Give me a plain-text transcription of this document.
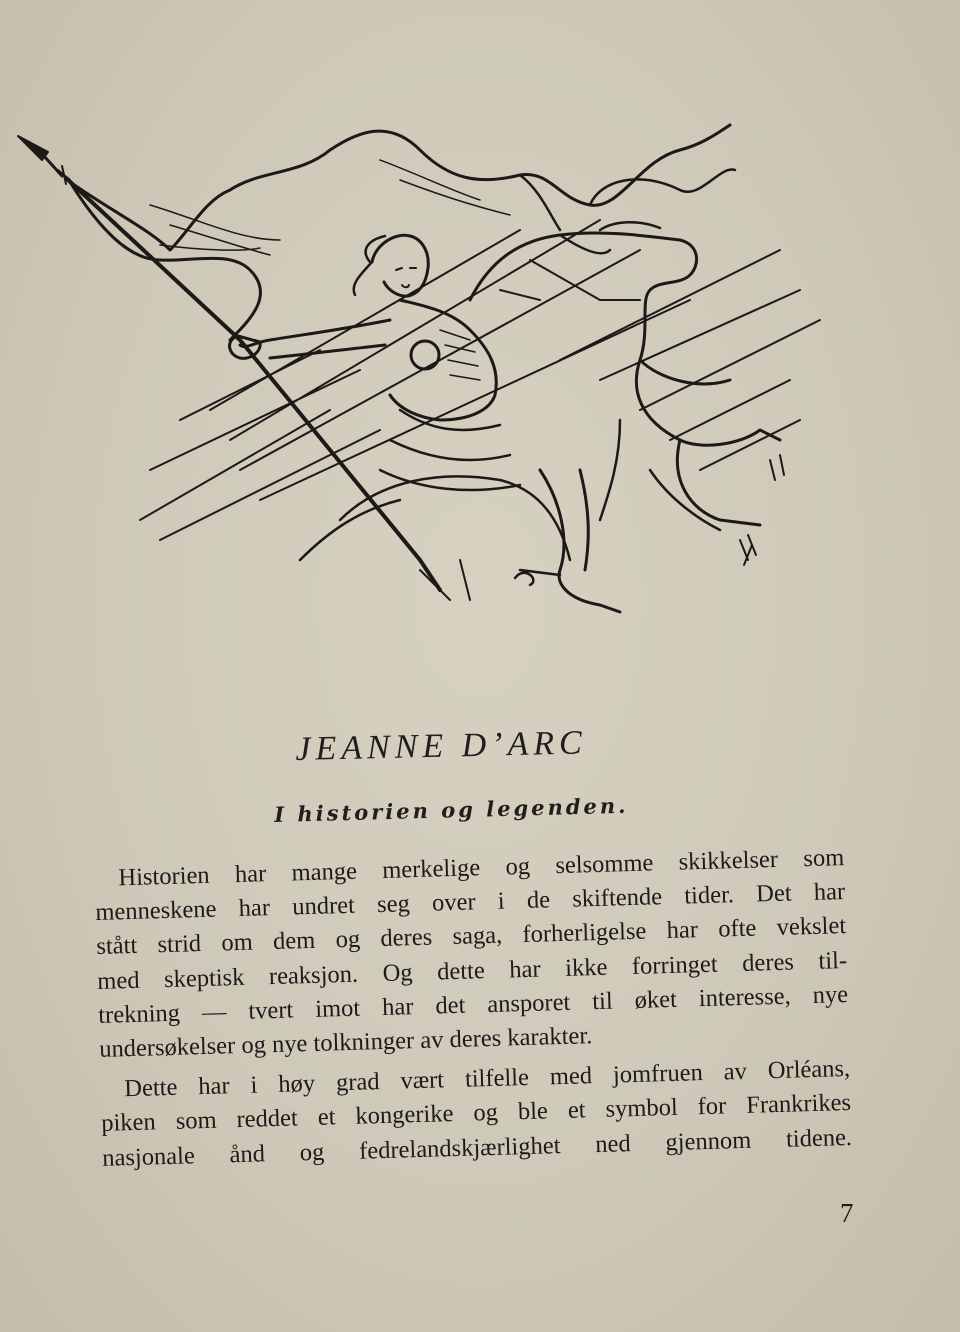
JEANNE D’ARC
I historien og legenden.
Historien har mange merkelige og selsomme skikkelser som
menneskene har undret seg over i de skiftende tider. Det har
stått strid om dem og deres saga, forherligelse har ofte vekslet
med skeptisk reaksjon. Og dette har ikke forringet deres til-
trekning — tvert imot har det ansporet til øket interesse, nye
undersøkelser og nye tolkninger av deres karakter.
Dette har i høy grad vært tilfelle med jomfruen av Orléans,
piken som reddet et kongerike og ble et symbol for Frankrikes
nasjonale ånd og fedrelandskjærlighet ned gjennom tidene.
7
